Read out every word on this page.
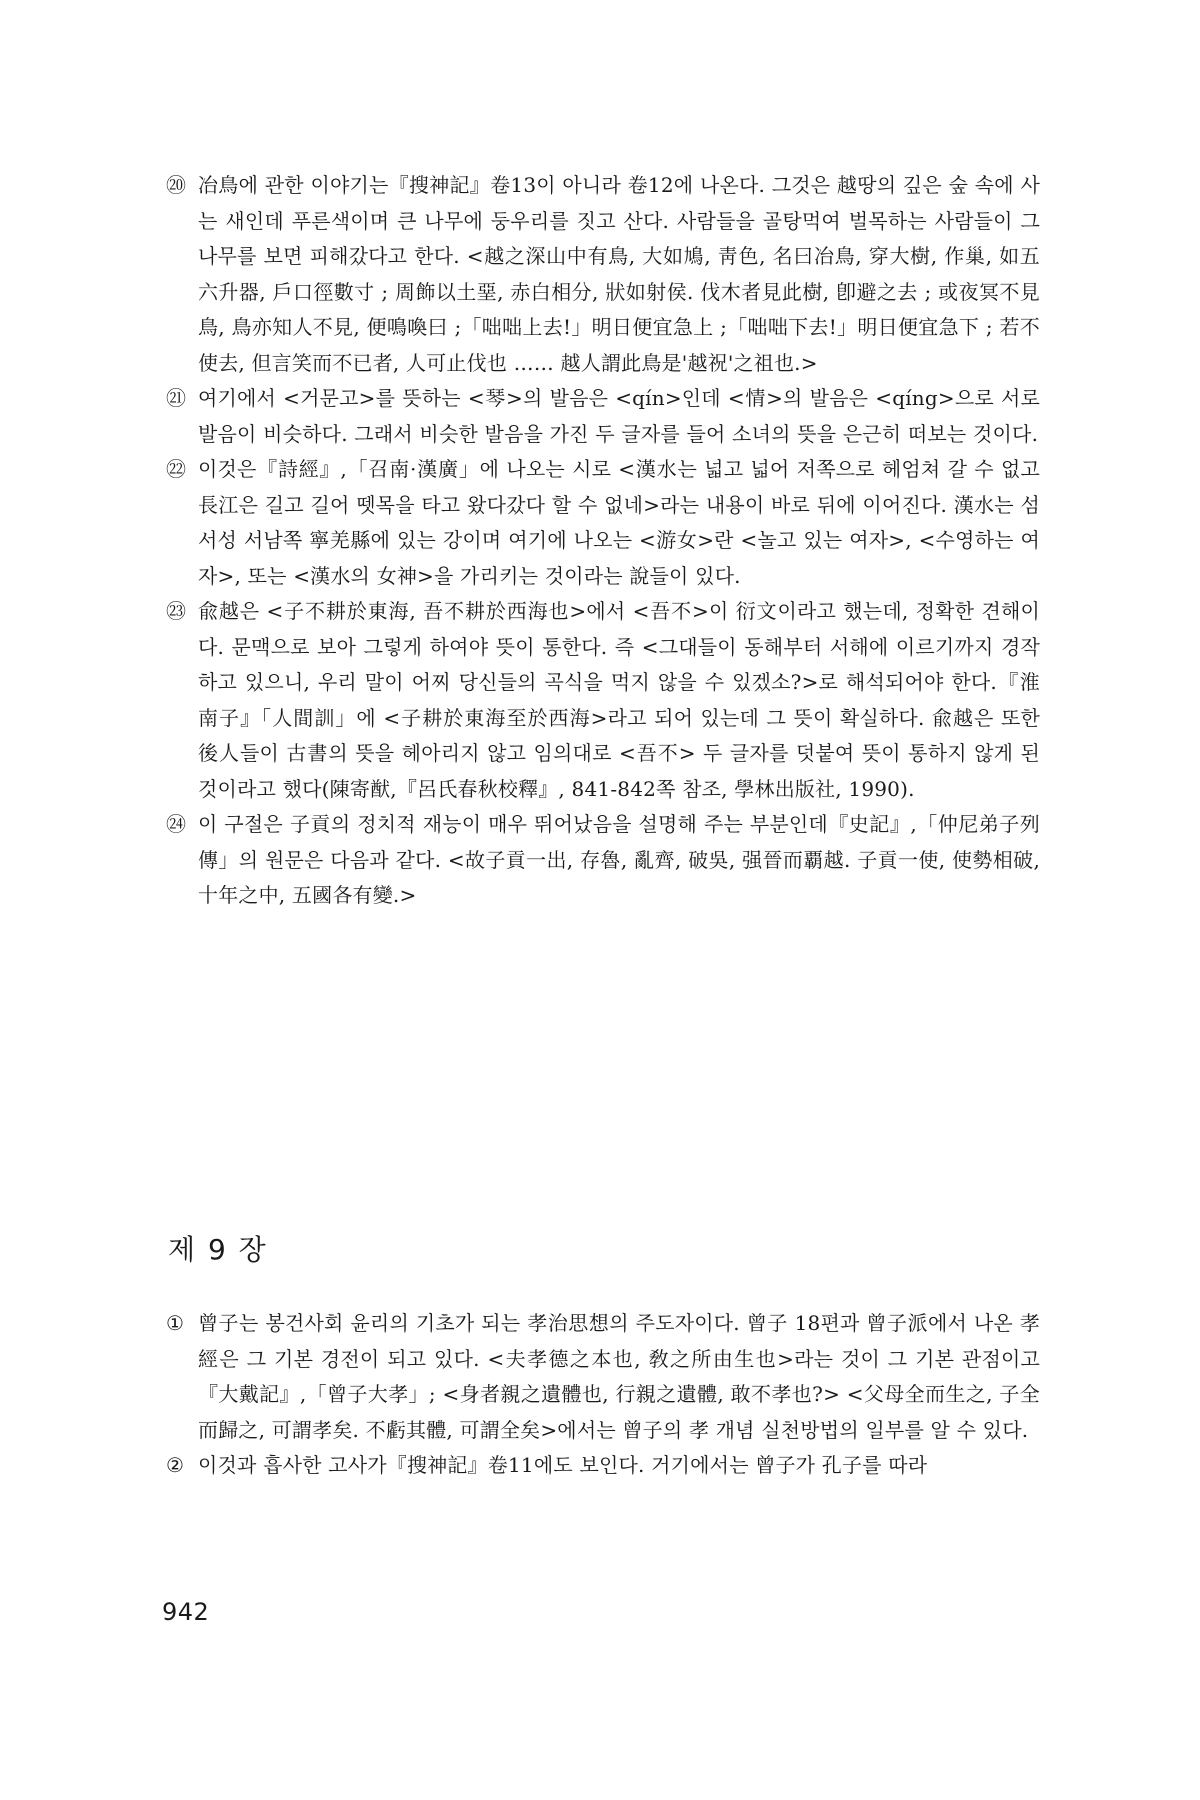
⑳ 冶鳥에 관한 이야기는『搜神記』卷13이 아니라 卷12에 나온다. 그것은 越땅의 깊은 숲 속에 사는 새인데 푸른색이며 큰 나무에 둥우리를 짓고 산다. 사람들을 골탕먹여 벌목하는 사람들이 그 나무를 보면 피해갔다고 한다. <越之深山中有鳥, 大如鳩, 靑色, 名曰冶鳥, 穿大樹, 作巢, 如五六升器, 戶口徑數寸 ; 周飾以土堊, 赤白相分, 狀如射侯. 伐木者見此樹, 卽避之去 ; 或夜冥不見鳥, 鳥亦知人不見, 便鳴喚曰 ;「咄咄上去!」明日便宜急上 ;「咄咄下去!」明日便宜急下 ; 若不使去, 但言笑而不已者, 人可止伐也 …… 越人謂此鳥是'越祝'之祖也.>
㉑ 여기에서 <거문고>를 뜻하는 <琴>의 발음은 <qín>인데 <情>의 발음은 <qíng>으로 서로 발음이 비슷하다. 그래서 비슷한 발음을 가진 두 글자를 들어 소녀의 뜻을 은근히 떠보는 것이다.
㉒ 이것은『詩經』,「召南·漢廣」에 나오는 시로 <漢水는 넓고 넓어 저쪽으로 헤엄쳐 갈 수 없고 長江은 길고 길어 뗏목을 타고 왔다갔다 할 수 없네>라는 내용이 바로 뒤에 이어진다. 漢水는 섬서성 서남쪽 寧羌縣에 있는 강이며 여기에 나오는 <游女>란 <놀고 있는 여자>, <수영하는 여자>, 또는 <漢水의 女神>을 가리키는 것이라는 說들이 있다.
㉓ 兪越은 <子不耕於東海, 吾不耕於西海也>에서 <吾不>이 衍文이라고 했는데, 정확한 견해이다. 문맥으로 보아 그렇게 하여야 뜻이 통한다. 즉 <그대들이 동해부터 서해에 이르기까지 경작하고 있으니, 우리 말이 어찌 당신들의 곡식을 먹지 않을 수 있겠소?>로 해석되어야 한다.『淮南子』「人間訓」에 <子耕於東海至於西海>라고 되어 있는데 그 뜻이 확실하다. 兪越은 또한 後人들이 古書의 뜻을 헤아리지 않고 임의대로 <吾不> 두 글자를 덧붙여 뜻이 통하지 않게 된 것이라고 했다(陳寄猷,『呂氏春秋校釋』, 841-842쪽 참조, 學林出版社, 1990).
㉔ 이 구절은 子貢의 정치적 재능이 매우 뛰어났음을 설명해 주는 부분인데『史記』,「仲尼弟子列傳」의 원문은 다음과 같다. <故子貢一出, 存魯, 亂齊, 破吳, 强晉而覇越. 子貢一使, 使勢相破, 十年之中, 五國各有變.>
제 9 장
① 曾子는 봉건사회 윤리의 기초가 되는 孝治思想의 주도자이다. 曾子 18편과 曾子派에서 나온 孝經은 그 기본 경전이 되고 있다. <夫孝德之本也, 敎之所由生也>라는 것이 그 기본 관점이고『大戴記』,「曾子大孝」; <身者親之遺體也, 行親之遺體, 敢不孝也?> <父母全而生之, 子全而歸之, 可謂孝矣. 不虧其體, 可謂全矣>에서는 曾子의 孝 개념 실천방법의 일부를 알 수 있다.
② 이것과 흡사한 고사가『搜神記』卷11에도 보인다. 거기에서는 曾子가 孔子를 따라
942
